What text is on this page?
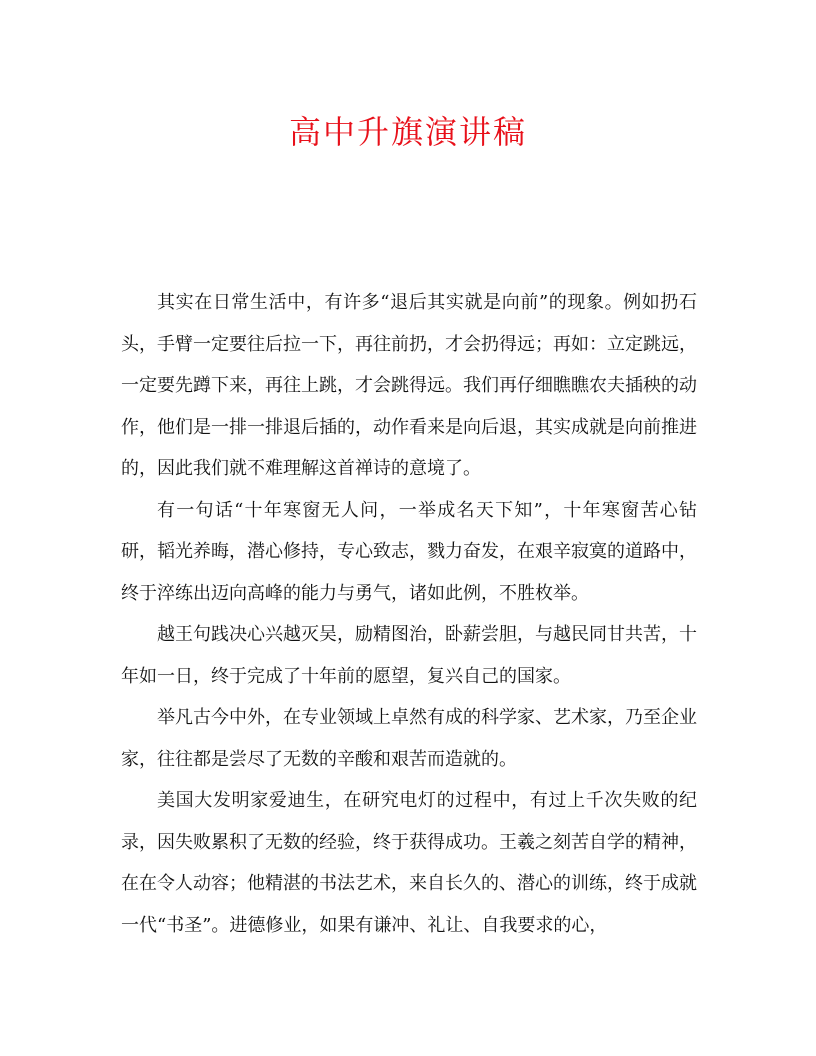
高中升旗演讲稿

其实在日常生活中，有许多“退后其实就是向前”的现象。例如扔石头，手臂一定要往后拉一下，再往前扔，才会扔得远；再如：立定跳远，一定要先蹲下来，再往上跳，才会跳得远。我们再仔细瞧瞧农夫插秧的动作，他们是一排一排退后插的，动作看来是向后退，其实成就是向前推进的，因此我们就不难理解这首禅诗的意境了。

有一句话“十年寒窗无人问，一举成名天下知”，十年寒窗苦心钻研，韬光养晦，潜心修持，专心致志，戮力奋发，在艰辛寂寞的道路中，终于淬练出迈向高峰的能力与勇气，诸如此例，不胜枚举。

越王句践决心兴越灭吴，励精图治，卧薪尝胆，与越民同甘共苦，十年如一日，终于完成了十年前的愿望，复兴自己的国家。

举凡古今中外，在专业领域上卓然有成的科学家、艺术家，乃至企业家，往往都是尝尽了无数的辛酸和艰苦而造就的。

美国大发明家爱迪生，在研究电灯的过程中，有过上千次失败的纪录，因失败累积了无数的经验，终于获得成功。王羲之刻苦自学的精神，在在令人动容；他精湛的书法艺术，来自长久的、潜心的训练，终于成就一代“书圣”。进德修业，如果有谦冲、礼让、自我要求的心，
